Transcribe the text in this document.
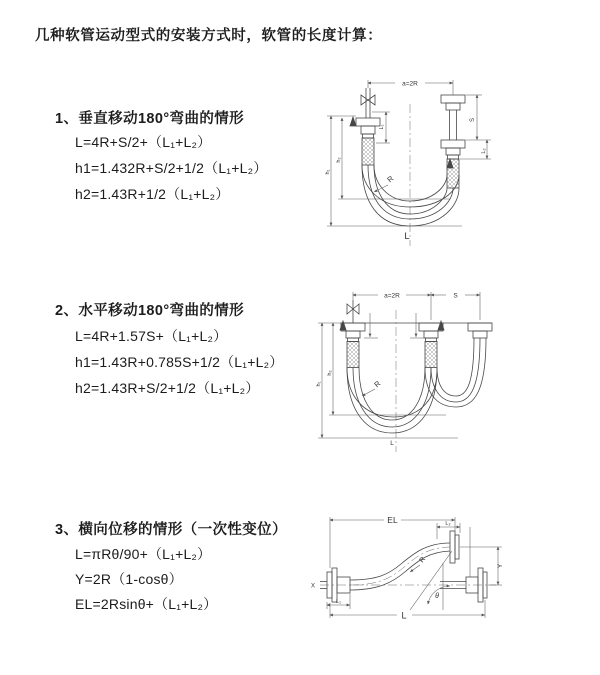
几种软管运动型式的安装方式时，软管的长度计算：
1、垂直移动180°弯曲的情形
L=4R+S/2+（L₁+L₂）
h1=1.432R+S/2+1/2（L₁+L₂）
h2=1.43R+1/2（L₁+L₂）
a=2R
S
L₂
L₁
h₁
h₂
R
L
2、水平移动180°弯曲的情形
L=4R+1.57S+（L₁+L₂）
h1=1.43R+0.785S+1/2（L₁+L₂）
h2=1.43R+S/2+1/2（L₁+L₂）
a=2R	S
h₁
h₂
R
L
3、横向位移的情形（一次性变位）
L=πRθ/90+（L₁+L₂）
Y=2R（1-cosθ）
EL=2Rsinθ+（L₁+L₂）
EL	L₂
Y
θ
R
L₁
L
X
